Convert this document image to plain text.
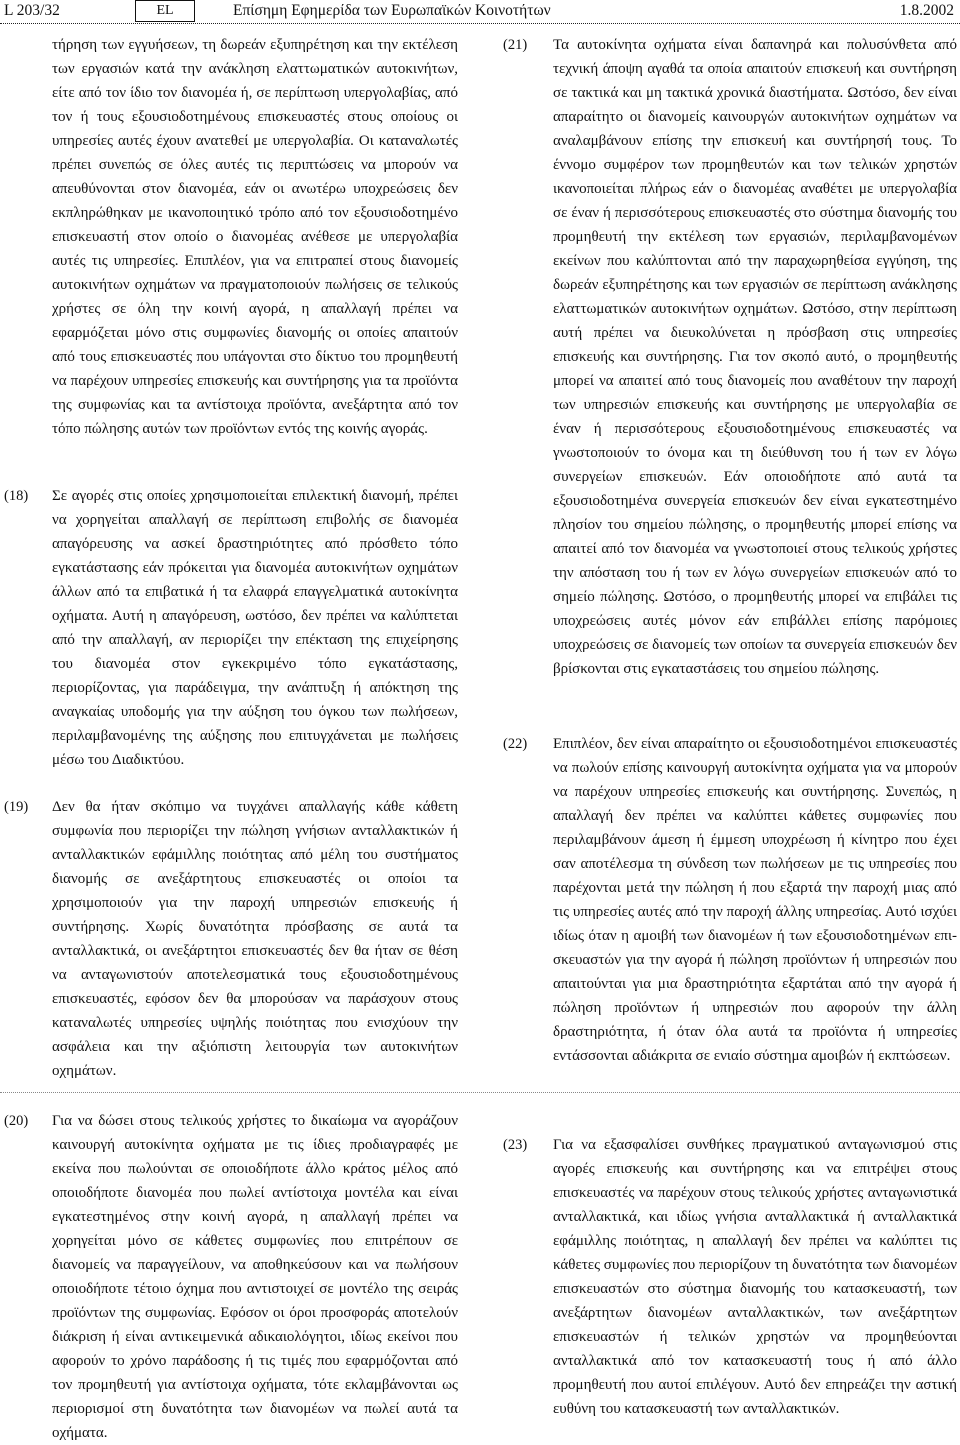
L 203/32	EL	Επίσημη Εφημερίδα των Ευρωπαϊκών Κοινοτήτων	1.8.2002
τήρηση των εγγυήσεων, τη δωρεάν εξυπηρέτηση και την εκτέλεση των εργασιών κατά την ανάκληση ελαττωματικών αυτοκινήτων, είτε από τον ίδιο τον διανομέα ή, σε περίπτωση υπεργολαβίας, από τον ή τους εξουσιοδοτημένους επισκευαστές στους οποίους οι υπηρεσίες αυτές έχουν ανατεθεί με υπεργολαβία. Οι καταναλωτές πρέπει συνεπώς σε όλες αυτές τις περιπτώσεις να μπορούν να απευθύνονται στον διανομέα, εάν οι ανωτέρω υποχρεώσεις δεν εκπληρώθηκαν με ικανοποιητικό τρόπο από τον εξουσιοδοτημένο επισκευαστή στον οποίο ο διανομέας ανέθεσε με υπεργολαβία αυτές τις υπηρεσίες. Επιπλέον, για να επιτραπεί στους διανομείς αυτοκινήτων οχημάτων να πραγματοποιούν πωλήσεις σε τελικούς χρήστες σε όλη την κοινή αγορά, η απαλλαγή πρέπει να εφαρμόζεται μόνο στις συμφωνίες διανομής οι οποίες απαιτούν από τους επισκευαστές που υπάγονται στο δίκτυο του προμηθευτή να παρέχουν υπηρεσίες επισκευής και συντήρησης για τα προϊόντα της συμφωνίας και τα αντίστοιχα προϊόντα, ανεξάρτητα από τον τόπο πώλησης αυτών των προϊόντων εντός της κοινής αγοράς.
(18) Σε αγορές στις οποίες χρησιμοποιείται επιλεκτική διανομή, πρέπει να χορηγείται απαλλαγή σε περίπτωση επιβολής σε διανομέα απαγόρευσης να ασκεί δραστηριότητες από πρόσθετο τόπο εγκατάστασης εάν πρόκειται για διανομέα αυτοκινήτων οχημάτων άλλων από τα επιβατικά ή τα ελαφρά επαγγελματικά αυτοκίνητα οχήματα. Αυτή η απαγόρευση, ωστόσο, δεν πρέπει να καλύπτεται από την απαλλαγή, αν περιορίζει την επέκταση της επιχείρησης του διανομέα στον εγκεκριμένο τόπο εγκατάστασης, περιορίζοντας, για παράδειγμα, την ανάπτυξη ή απόκτηση της αναγκαίας υποδομής για την αύξηση του όγκου των πωλήσεων, περιλαμβανομένης της αύξησης που επιτυγχάνεται με πωλήσεις μέσω του Διαδικτύου.
(19) Δεν θα ήταν σκόπιμο να τυγχάνει απαλλαγής κάθε κάθετη συμφωνία που περιορίζει την πώληση γνήσιων ανταλλακτικών ή ανταλλακτικών εφάμιλλης ποιότητας από μέλη του συστήματος διανομής σε ανεξάρτητους επισκευαστές οι οποίοι τα χρησιμοποιούν για την παροχή υπηρεσιών επισκευής ή συντήρησης. Χωρίς δυνατότητα πρόσβασης σε αυτά τα ανταλλακτικά, οι ανεξάρτητοι επισκευαστές δεν θα ήταν σε θέση να ανταγωνιστούν αποτελεσματικά τους εξουσιοδοτημένους επισκευαστές, εφόσον δεν θα μπορούσαν να παράσχουν στους καταναλωτές υπηρεσίες υψηλής ποιότητας που ενισχύουν την ασφάλεια και την αξιόπιστη λειτουργία των αυτοκινήτων οχημάτων.
(21) Τα αυτοκίνητα οχήματα είναι δαπανηρά και πολυσύνθετα από τεχνική άποψη αγαθά τα οποία απαιτούν επισκευή και συντήρηση σε τακτικά και μη τακτικά χρονικά διαστήματα. Ωστόσο, δεν είναι απαραίτητο οι διανομείς καινουργών αυτοκινήτων οχημάτων να αναλαμβάνουν επίσης την επισκευή και συντήρησή τους. Το έννομο συμφέρον των προμηθευτών και των τελικών χρηστών ικανοποιείται πλήρως εάν ο διανομέας αναθέτει με υπεργολαβία σε έναν ή περισσότερους επισκευαστές στο σύστημα διανομής του προμηθευτή την εκτέλεση των εργασιών, περιλαμβανομένων εκείνων που καλύπτονται από την παραχωρηθείσα εγγύηση, της δωρεάν εξυπηρέτησης και των εργασιών σε περίπτωση ανάκλησης ελαττωματικών αυτοκινήτων οχημάτων. Ωστόσο, στην περίπτωση αυτή πρέπει να διευκολύνεται η πρόσβαση στις υπηρεσίες επισκευής και συντήρησης. Για τον σκοπό αυτό, ο προμηθευτής μπορεί να απαιτεί από τους διανομείς που αναθέτουν την παροχή των υπηρεσιών επισκευής και συντήρησης με υπεργολαβία σε έναν ή περισσότερους εξουσιοδοτημένους επισκευαστές να γνωστοποιούν το όνομα και τη διεύθυνση του ή των εν λόγω συνεργείων επισκευών. Εάν οποιοδήποτε από αυτά τα εξουσιοδοτημένα συνεργεία επισκευών δεν είναι εγκατεστημένο πλησίον του σημείου πώλησης, ο προμηθευτής μπορεί επίσης να απαιτεί από τον διανομέα να γνωστοποιεί στους τελικούς χρήστες την απόσταση του ή των εν λόγω συνεργείων επισκευών από το σημείο πώλησης. Ωστόσο, ο προμηθευτής μπορεί να επιβάλει τις υποχρεώσεις αυτές μόνον εάν επιβάλλει επίσης παρόμοιες υποχρεώσεις σε διανομείς των οποίων τα συνεργεία επισκευών δεν βρίσκονται στις εγκαταστάσεις του σημείου πώλησης.
(22) Επιπλέον, δεν είναι απαραίτητο οι εξουσιοδοτημένοι επισκευαστές να πωλούν επίσης καινουργή αυτοκίνητα οχήματα για να μπορούν να παρέχουν υπηρεσίες επισκευής και συντήρησης. Συνεπώς, η απαλλαγή δεν πρέπει να καλύπτει κάθετες συμφωνίες που περιλαμβάνουν άμεση ή έμμεση υποχρέωση ή κίνητρο που έχει σαν αποτέλεσμα τη σύνδεση των πωλήσεων με τις υπηρεσίες που παρέχονται μετά την πώληση ή που εξαρτά την παροχή μιας από τις υπηρεσίες αυτές από την παροχή άλλης υπηρεσίας. Αυτό ισχύει ιδίως όταν η αμοιβή των διανομέων ή των εξουσιοδοτημένων επισκευαστών για την αγορά ή πώληση προϊόντων ή υπηρεσιών που απαιτούνται για μια δραστηριότητα εξαρτάται από την αγορά ή πώληση προϊόντων ή υπηρεσιών που αφορούν την άλλη δραστηριότητα, ή όταν όλα αυτά τα προϊόντα ή υπηρεσίες εντάσσονται αδιάκριτα σε ενιαίο σύστημα αμοιβών ή εκπτώσεων.
(20) Για να δώσει στους τελικούς χρήστες το δικαίωμα να αγοράζουν καινουργή αυτοκίνητα οχήματα με τις ίδιες προδιαγραφές με εκείνα που πωλούνται σε οποιοδήποτε άλλο κράτος μέλος από οποιοδήποτε διανομέα που πωλεί αντίστοιχα μοντέλα και είναι εγκατεστημένος στην κοινή αγορά, η απαλλαγή πρέπει να χορηγείται μόνο σε κάθετες συμφωνίες που επιτρέπουν σε διανομείς να παραγγείλουν, να αποθηκεύσουν και να πωλήσουν οποιοδήποτε τέτοιο όχημα που αντιστοιχεί σε μοντέλο της σειράς προϊόντων της συμφωνίας. Εφόσον οι όροι προσφοράς αποτελούν διάκριση ή είναι αντικειμενικά αδικαιολόγητοι, ιδίως εκείνοι που αφορούν το χρόνο παράδοσης ή τις τιμές που εφαρμόζονται από τον προμηθευτή για αντίστοιχα οχήματα, τότε εκλαμβάνονται ως περιορισμοί στη δυνατότητα των διανομέων να πωλεί αυτά τα οχήματα.
(23) Για να εξασφαλίσει συνθήκες πραγματικού ανταγωνισμού στις αγορές επισκευής και συντήρησης και να επιτρέψει στους επισκευαστές να παρέχουν στους τελικούς χρήστες ανταγωνιστικά ανταλλακτικά, και ιδίως γνήσια ανταλλακτικά ή ανταλλακτικά εφάμιλλης ποιότητας, η απαλλαγή δεν πρέπει να καλύπτει τις κάθετες συμφωνίες που περιορίζουν τη δυνατότητα των διανομέων επισκευαστών στο σύστημα διανομής του κατασκευαστή, των ανεξάρτητων διανομέων ανταλλακτικών, των ανεξάρτητων επισκευαστών ή τελικών χρηστών να προμηθεύονται ανταλλακτικά από τον κατασκευαστή τους ή από άλλο προμηθευτή που αυτοί επιλέγουν. Αυτό δεν επηρεάζει την αστική ευθύνη του κατασκευαστή των ανταλλακτικών.
